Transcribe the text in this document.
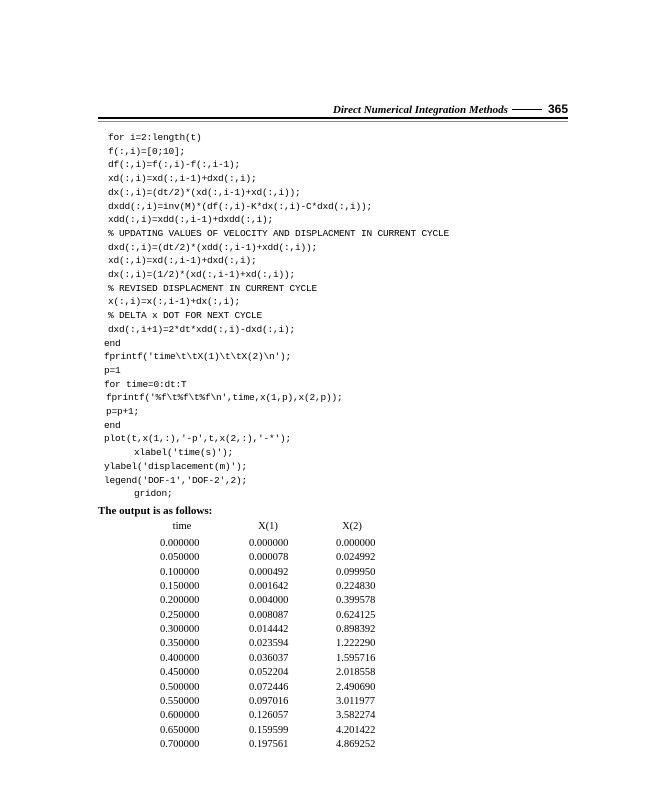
Direct Numerical Integration Methods	365
for i=2:length(t)
f(:,i)=[0;10];
df(:,i)=f(:,i)-f(:,i-1);
xd(:,i)=xd(:,i-1)+dxd(:,i);
dx(:,i)=(dt/2)*(xd(:,i-1)+xd(:,i));
dxdd(:,i)=inv(M)*(df(:,i)-K*dx(:,i)-C*dxd(:,i));
xdd(:,i)=xdd(:,i-1)+dxdd(:,i);
% UPDATING VALUES OF VELOCITY AND DISPLACMENT IN CURRENT CYCLE
dxd(:,i)=(dt/2)*(xdd(:,i-1)+xdd(:,i));
xd(:,i)=xd(:,i-1)+dxd(:,i);
dx(:,i)=(1/2)*(xd(:,i-1)+xd(:,i));
% REVISED DISPLACMENT IN CURRENT CYCLE
x(:,i)=x(:,i-1)+dx(:,i);
% DELTA x DOT FOR NEXT CYCLE
dxd(:,i+1)=2*dt*xdd(:,i)-dxd(:,i);
end
fprintf('time\t\tX(1)\t\tX(2)\n');
p=1
for time=0:dt:T
fprintf('%f\t%f\t%f\n',time,x(1,p),x(2,p));
p=p+1;
end
plot(t,x(1,:),'-p',t,x(2,:),'-*');
xlabel('time(s)');
ylabel('displacement(m)');
legend('DOF-1','DOF-2',2);
gridon;
The output is as follows:
time	X(1)	X(2)
0.000000	0.000000	0.000000
0.050000	0.000078	0.024992
0.100000	0.000492	0.099950
0.150000	0.001642	0.224830
0.200000	0.004000	0.399578
0.250000	0.008087	0.624125
0.300000	0.014442	0.898392
0.350000	0.023594	1.222290
0.400000	0.036037	1.595716
0.450000	0.052204	2.018558
0.500000	0.072446	2.490690
0.550000	0.097016	3.011977
0.600000	0.126057	3.582274
0.650000	0.159599	4.201422
0.700000	0.197561	4.869252
